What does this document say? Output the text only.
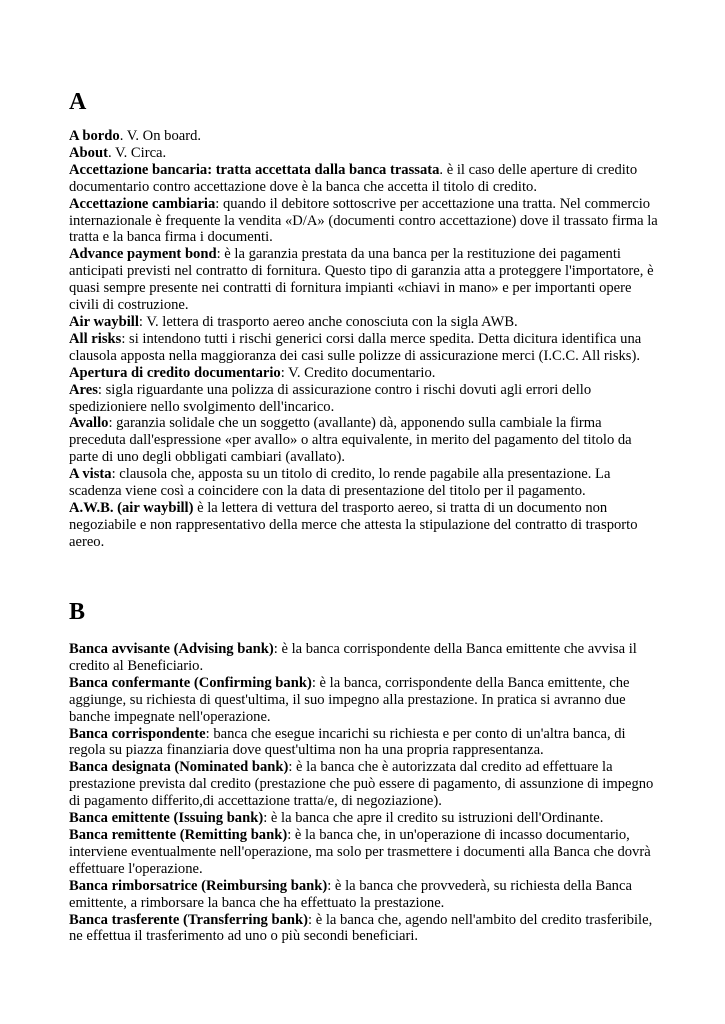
A

A bordo. V. On board.

About. V. Circa.

Accettazione bancaria: tratta accettata dalla banca trassata. è il caso delle aperture di credito documentario contro accettazione dove è la banca che accetta il titolo di credito.

Accettazione cambiaria: quando il debitore sottoscrive per accettazione una tratta. Nel commercio internazionale è frequente la vendita «D/A» (documenti contro accettazione) dove il trassato firma la tratta e la banca firma i documenti.

Advance payment bond: è la garanzia prestata da una banca per la restituzione dei pagamenti anticipati previsti nel contratto di fornitura. Questo tipo di garanzia atta a proteggere l'importatore, è quasi sempre presente nei contratti di fornitura impianti «chiavi in mano» e per importanti opere civili di costruzione.

Air waybill: V. lettera di trasporto aereo anche conosciuta con la sigla AWB.

All risks: si intendono tutti i rischi generici corsi dalla merce spedita. Detta dicitura identifica una clausola apposta nella maggioranza dei casi sulle polizze di assicurazione merci (I.C.C. All risks).

Apertura di credito documentario: V. Credito documentario.

Ares: sigla riguardante una polizza di assicurazione contro i rischi dovuti agli errori dello spedizioniere nello svolgimento dell'incarico.

Avallo: garanzia solidale che un soggetto (avallante) dà, apponendo sulla cambiale la firma preceduta dall'espressione «per avallo» o altra equivalente, in merito del pagamento del titolo da parte di uno degli obbligati cambiari (avallato).

A vista: clausola che, apposta su un titolo di credito, lo rende pagabile alla presentazione. La scadenza viene così a coincidere con la data di presentazione del titolo per il pagamento.

A.W.B. (air waybill) è la lettera di vettura del trasporto aereo, si tratta di un documento non negoziabile e non rappresentativo della merce che attesta la stipulazione del contratto di trasporto aereo.

B

Banca avvisante (Advising bank): è la banca corrispondente della Banca emittente che avvisa il credito al Beneficiario.

Banca confermante (Confirming bank): è la banca, corrispondente della Banca emittente, che aggiunge, su richiesta di quest'ultima, il suo impegno alla prestazione. In pratica si avranno due banche impegnate nell'operazione.

Banca corrispondente: banca che esegue incarichi su richiesta e per conto di un'altra banca, di regola su piazza finanziaria dove quest'ultima non ha una propria rappresentanza.

Banca designata (Nominated bank): è la banca che è autorizzata dal credito ad effettuare la prestazione prevista dal credito (prestazione che può essere di pagamento, di assunzione di impegno di pagamento differito,di accettazione tratta/e, di negoziazione).

Banca emittente (Issuing bank): è la banca che apre il credito su istruzioni dell'Ordinante.

Banca remittente (Remitting bank): è la banca che, in un'operazione di incasso documentario, interviene eventualmente nell'operazione, ma solo per trasmettere i documenti alla Banca che dovrà effettuare l'operazione.

Banca rimborsatrice (Reimbursing bank): è la banca che provvederà, su richiesta della Banca emittente, a rimborsare la banca che ha effettuato la prestazione.

Banca trasferente (Transferring bank): è la banca che, agendo nell'ambito del credito trasferibile, ne effettua il trasferimento ad uno o più secondi beneficiari.
